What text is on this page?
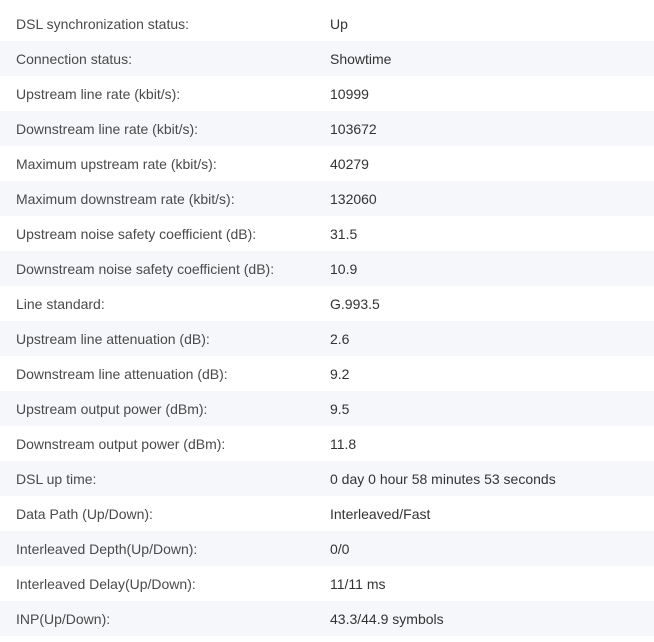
DSL synchronization status:	Up
Connection status:	Showtime
Upstream line rate (kbit/s):	10999
Downstream line rate (kbit/s):	103672
Maximum upstream rate (kbit/s):	40279
Maximum downstream rate (kbit/s):	132060
Upstream noise safety coefficient (dB):	31.5
Downstream noise safety coefficient (dB):	10.9
Line standard:	G.993.5
Upstream line attenuation (dB):	2.6
Downstream line attenuation (dB):	9.2
Upstream output power (dBm):	9.5
Downstream output power (dBm):	11.8
DSL up time:	0 day 0 hour 58 minutes 53 seconds
Data Path (Up/Down):	Interleaved/Fast
Interleaved Depth(Up/Down):	0/0
Interleaved Delay(Up/Down):	11/11 ms
INP(Up/Down):	43.3/44.9 symbols
